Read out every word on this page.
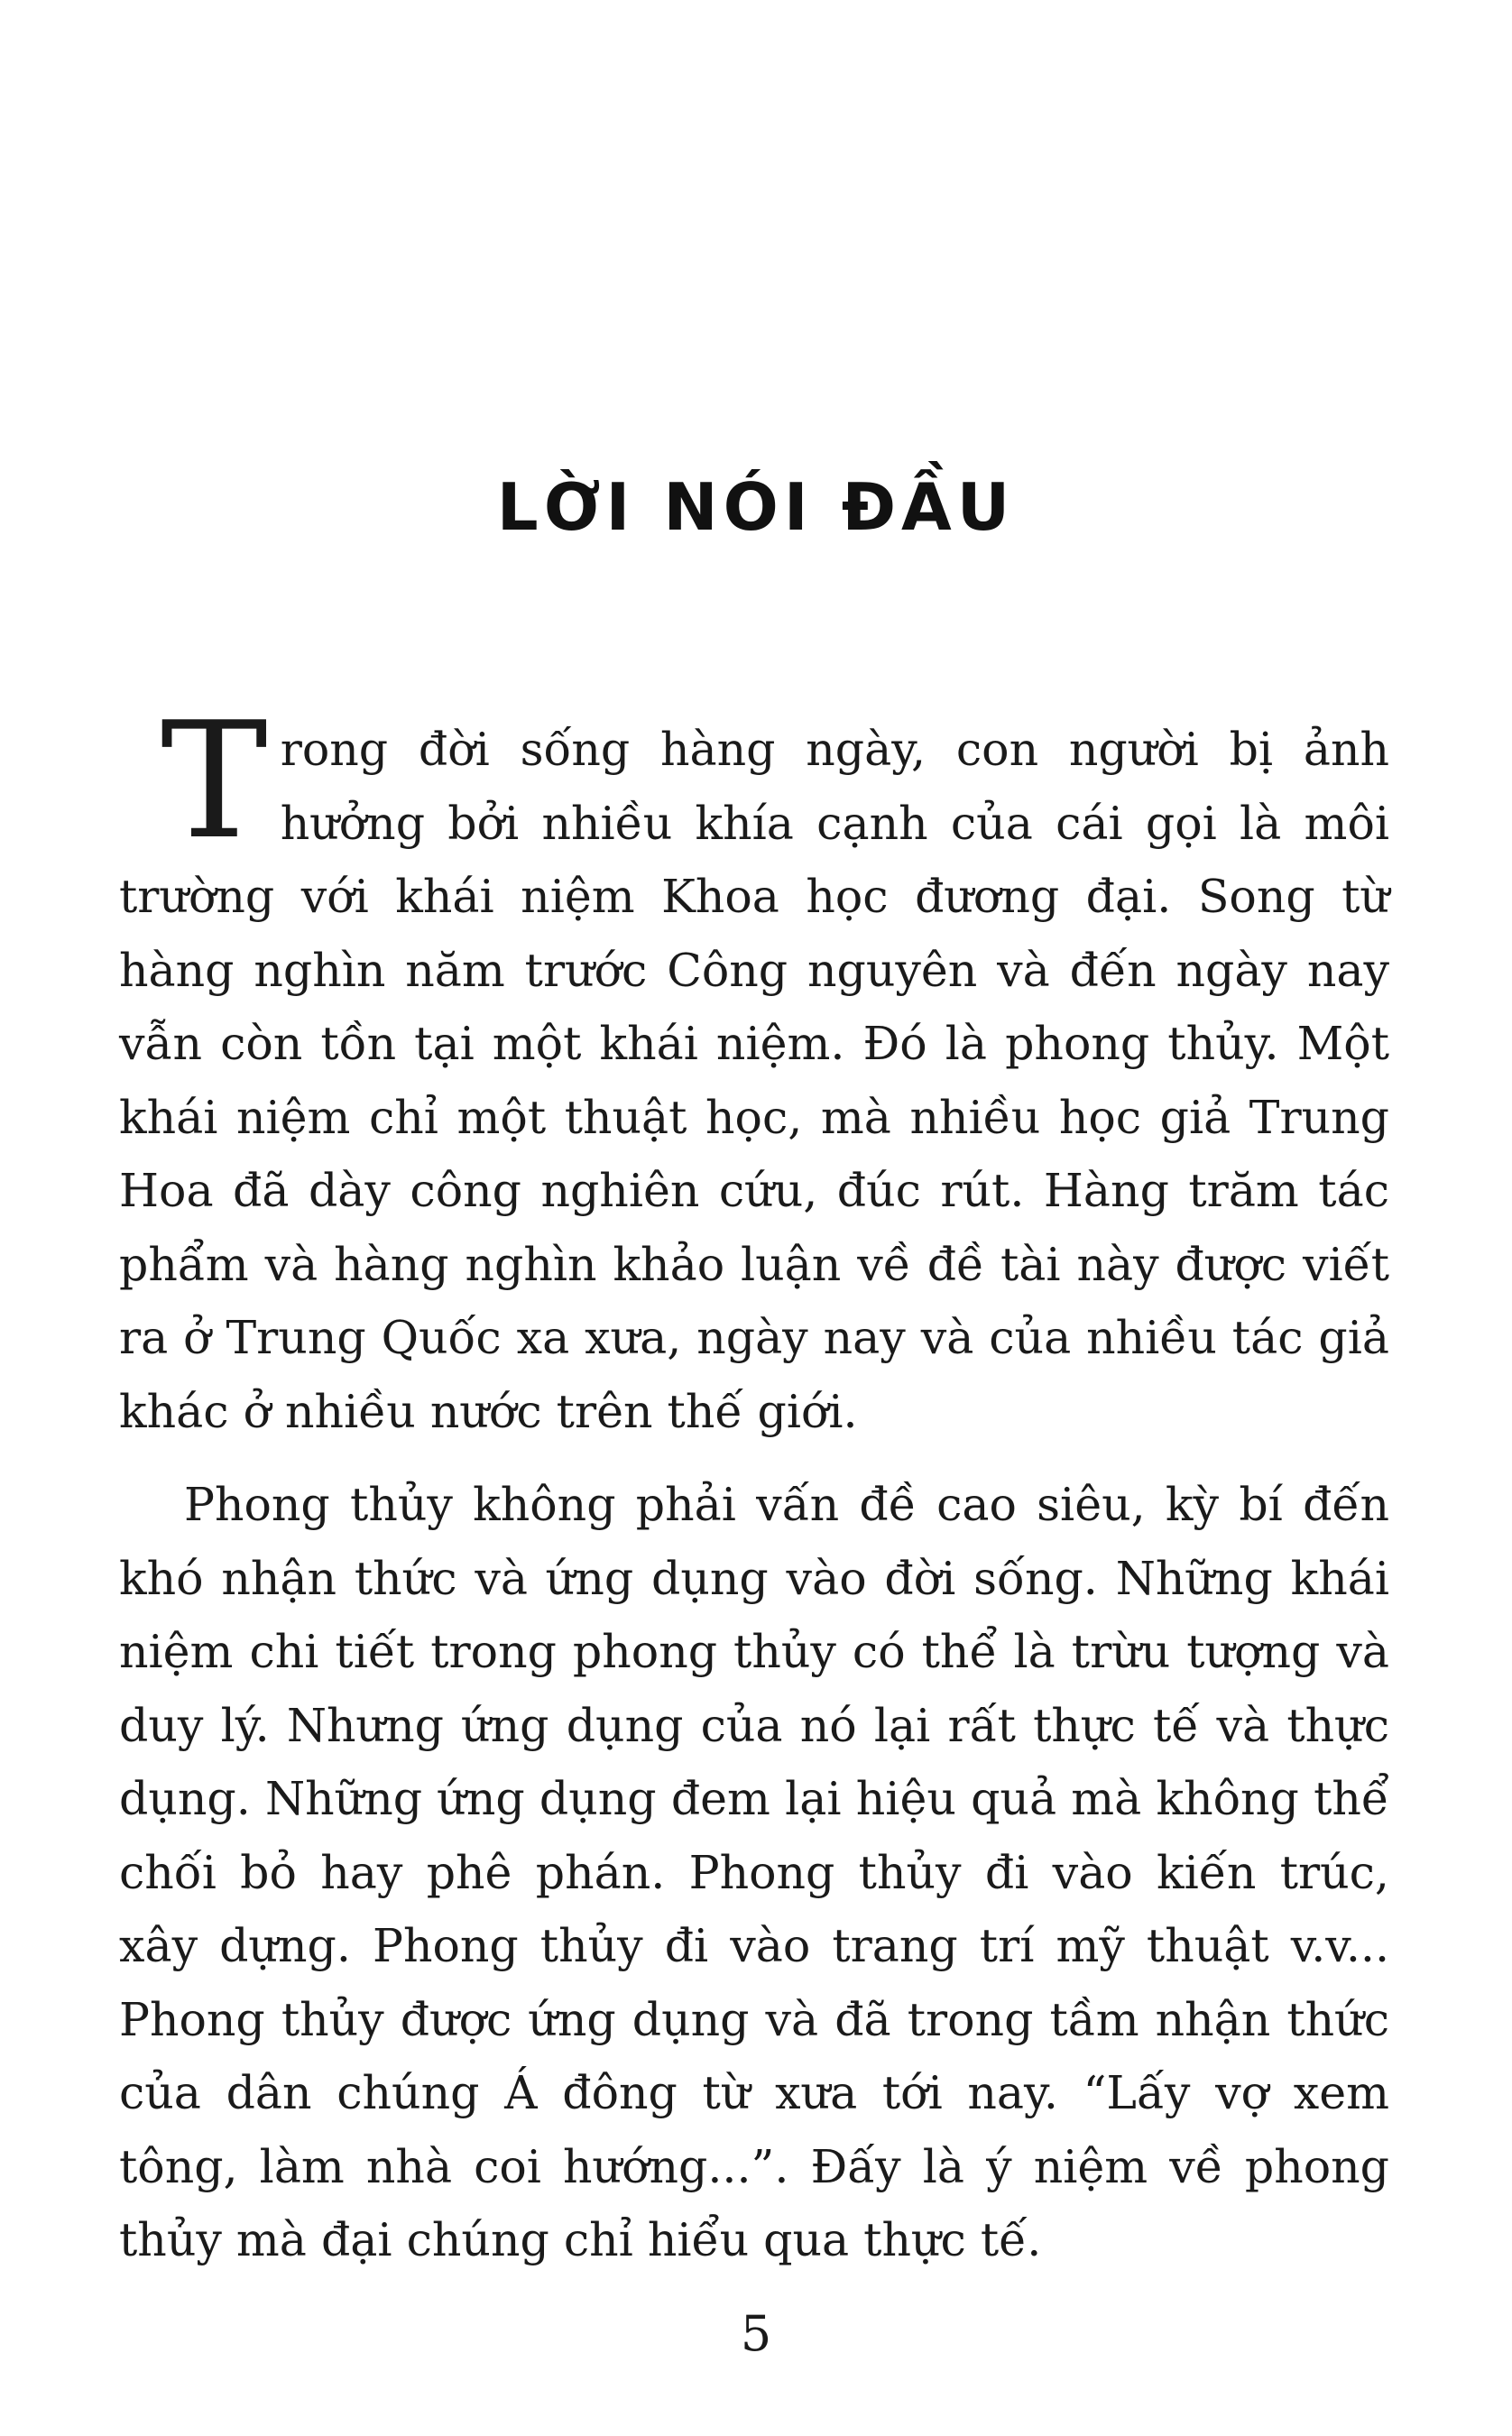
LỜI NÓI ĐẦU

Trong đời sống hàng ngày, con người bị ảnh hưởng bởi nhiều khía cạnh của cái gọi là môi trường với khái niệm Khoa học đương đại. Song từ hàng nghìn năm trước Công nguyên và đến ngày nay vẫn còn tồn tại một khái niệm. Đó là phong thủy. Một khái niệm chỉ một thuật học, mà nhiều học giả Trung Hoa đã dày công nghiên cứu, đúc rút. Hàng trăm tác phẩm và hàng nghìn khảo luận về đề tài này được viết ra ở Trung Quốc xa xưa, ngày nay và của nhiều tác giả khác ở nhiều nước trên thế giới.

Phong thủy không phải vấn đề cao siêu, kỳ bí đến khó nhận thức và ứng dụng vào đời sống. Những khái niệm chi tiết trong phong thủy có thể là trừu tượng và duy lý. Nhưng ứng dụng của nó lại rất thực tế và thực dụng. Những ứng dụng đem lại hiệu quả mà không thể chối bỏ hay phê phán. Phong thủy đi vào kiến trúc, xây dựng. Phong thủy đi vào trang trí mỹ thuật v.v... Phong thủy được ứng dụng và đã trong tầm nhận thức của dân chúng Á đông từ xưa tới nay. “Lấy vợ xem tông, làm nhà coi hướng...”. Đấy là ý niệm về phong thủy mà đại chúng chỉ hiểu qua thực tế.

5
